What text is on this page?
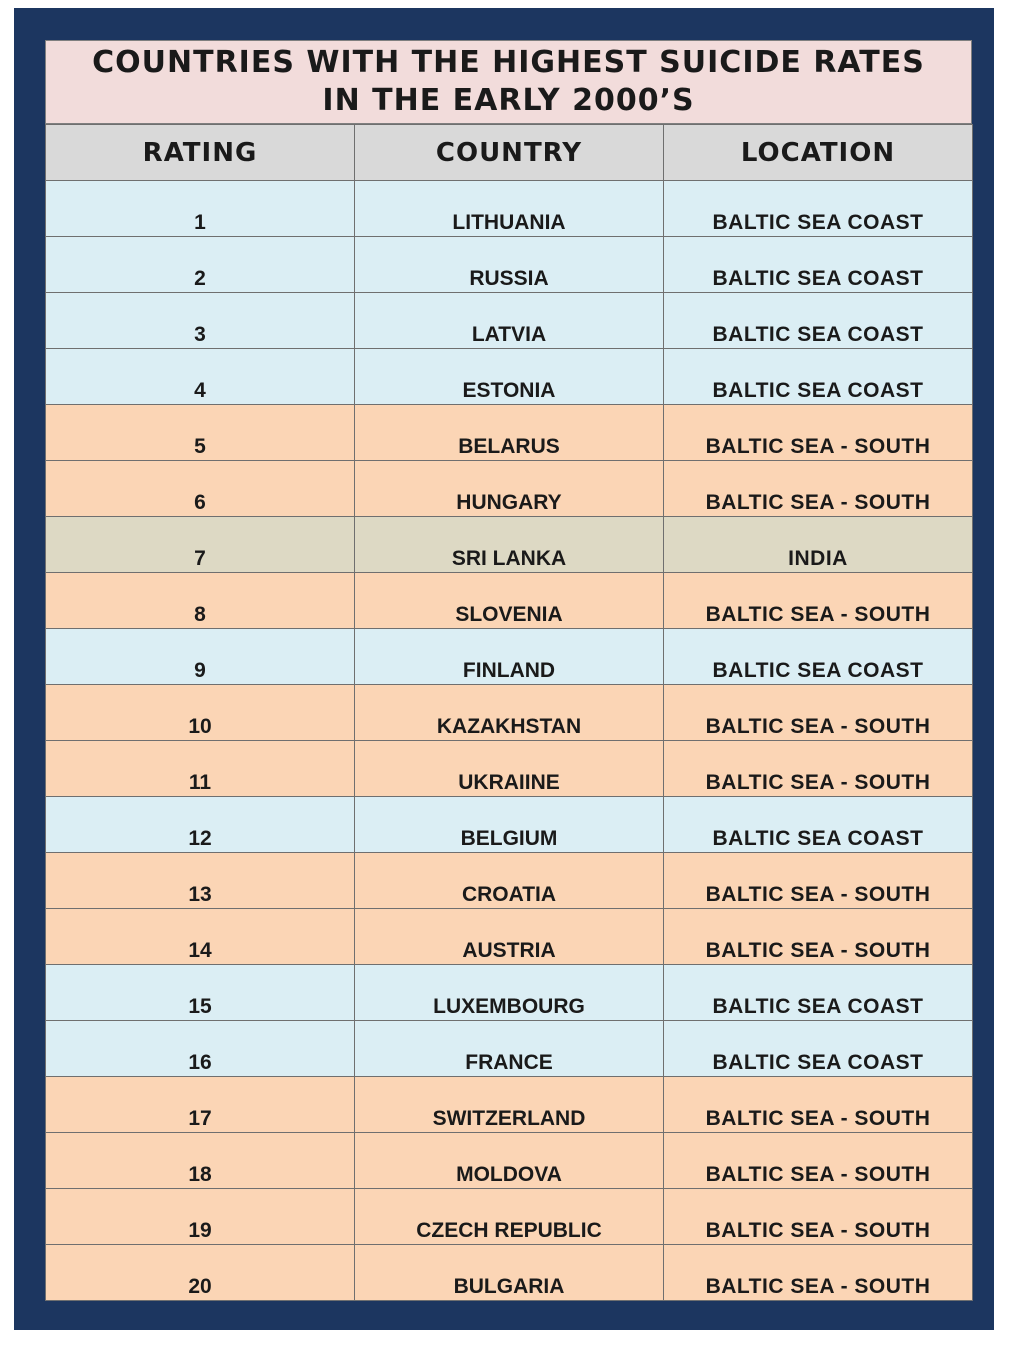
COUNTRIES WITH THE HIGHEST SUICIDE RATES
IN THE EARLY 2000’S
RATING	COUNTRY	LOCATION
1	LITHUANIA	BALTIC SEA COAST
2	RUSSIA	BALTIC SEA COAST
3	LATVIA	BALTIC SEA COAST
4	ESTONIA	BALTIC SEA COAST
5	BELARUS	BALTIC SEA - SOUTH
6	HUNGARY	BALTIC SEA - SOUTH
7	SRI LANKA	INDIA
8	SLOVENIA	BALTIC SEA - SOUTH
9	FINLAND	BALTIC SEA COAST
10	KAZAKHSTAN	BALTIC SEA - SOUTH
11	UKRAIINE	BALTIC SEA - SOUTH
12	BELGIUM	BALTIC SEA COAST
13	CROATIA	BALTIC SEA - SOUTH
14	AUSTRIA	BALTIC SEA - SOUTH
15	LUXEMBOURG	BALTIC SEA COAST
16	FRANCE	BALTIC SEA COAST
17	SWITZERLAND	BALTIC SEA - SOUTH
18	MOLDOVA	BALTIC SEA - SOUTH
19	CZECH REPUBLIC	BALTIC SEA - SOUTH
20	BULGARIA	BALTIC SEA - SOUTH
